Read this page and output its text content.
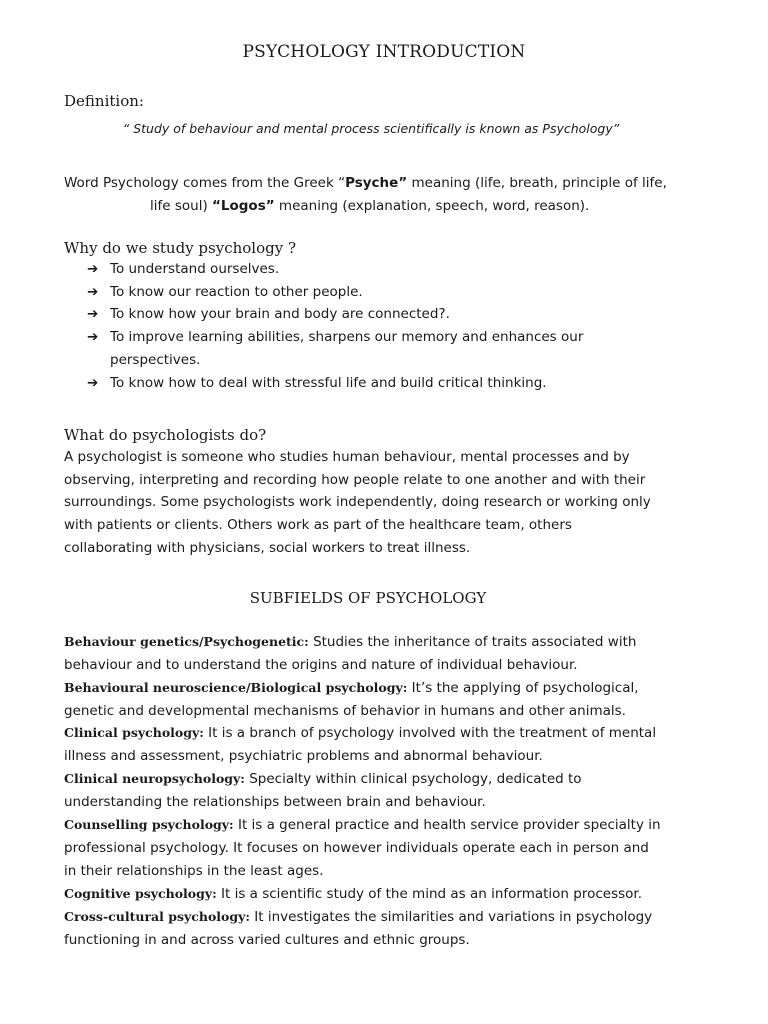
PSYCHOLOGY INTRODUCTION
Definition:
“ Study of behaviour and mental process scientifically is known as Psychology”
Word Psychology comes from the Greek “Psyche” meaning (life, breath, principle of life,
life soul) “Logos” meaning (explanation, speech, word, reason).
Why do we study psychology ?
➔ To understand ourselves.
➔ To know our reaction to other people.
➔ To know how your brain and body are connected?.
➔ To improve learning abilities, sharpens our memory and enhances our
perspectives.
➔ To know how to deal with stressful life and build critical thinking.
What do psychologists do?
A psychologist is someone who studies human behaviour, mental processes and by
observing, interpreting and recording how people relate to one another and with their
surroundings. Some psychologists work independently, doing research or working only
with patients or clients. Others work as part of the healthcare team, others
collaborating with physicians, social workers to treat illness.
SUBFIELDS OF PSYCHOLOGY
Behaviour genetics/Psychogenetic: Studies the inheritance of traits associated with
behaviour and to understand the origins and nature of individual behaviour.
Behavioural neuroscience/Biological psychology: It’s the applying of psychological,
genetic and developmental mechanisms of behavior in humans and other animals.
Clinical psychology: It is a branch of psychology involved with the treatment of mental
illness and assessment, psychiatric problems and abnormal behaviour.
Clinical neuropsychology: Specialty within clinical psychology, dedicated to
understanding the relationships between brain and behaviour.
Counselling psychology: It is a general practice and health service provider specialty in
professional psychology. It focuses on however individuals operate each in person and
in their relationships in the least ages.
Cognitive psychology: It is a scientific study of the mind as an information processor.
Cross-cultural psychology: It investigates the similarities and variations in psychology
functioning in and across varied cultures and ethnic groups.
